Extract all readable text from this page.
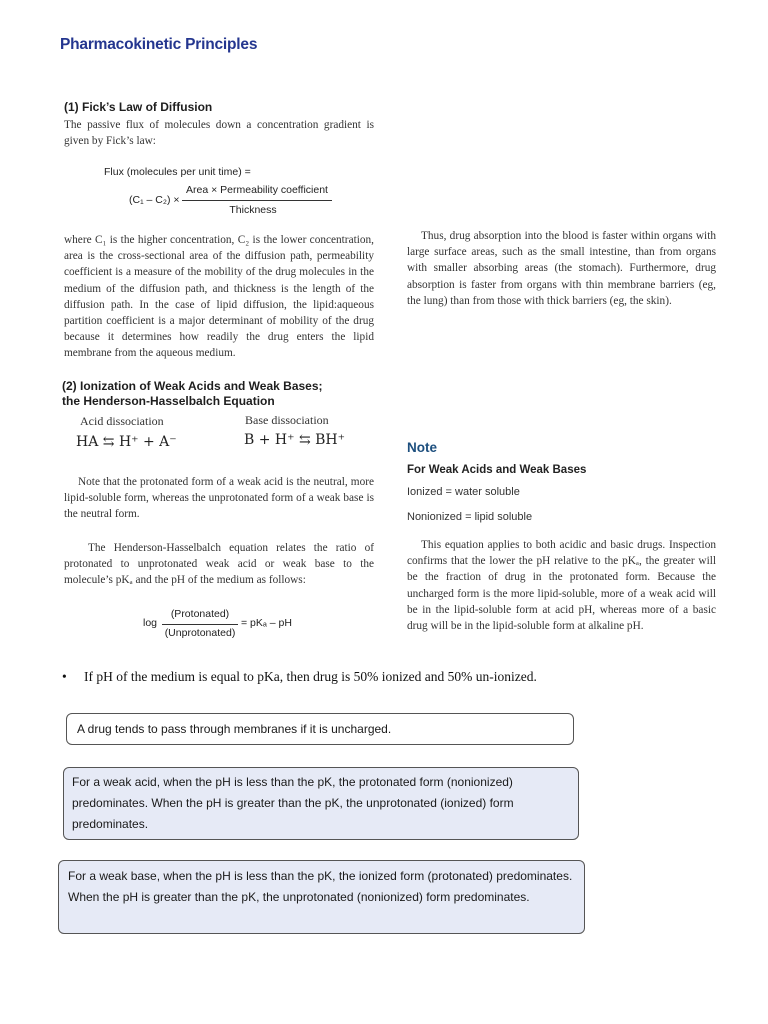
Pharmacokinetic Principles
(1) Fick’s Law of Diffusion
The passive flux of molecules down a concentration gradient is given by Fick’s law:
Flux (molecules per unit time) =
(C₁ – C₂) ×
Area × Permeability coefficient
Thickness
where C₁ is the higher concentration, C₂ is the lower concentration, area is the cross-sectional area of the diffusion path, permeability coefficient is a measure of the mobility of the drug molecules in the medium of the diffusion path, and thickness is the length of the diffusion path. In the case of lipid diffusion, the lipid:aqueous partition coefficient is a major determinant of mobility of the drug because it determines how readily the drug enters the lipid membrane from the aqueous medium.
(2) Ionization of Weak Acids and Weak Bases;
the Henderson-Hasselbalch Equation
Acid dissociation
HA ⇆ H⁺ + A⁻
Base dissociation
B + H⁺ ⇆ BH⁺
Note that the protonated form of a weak acid is the neutral, more lipid-soluble form, whereas the unprotonated form of a weak base is the neutral form.
The Henderson-Hasselbalch equation relates the ratio of protonated to unprotonated weak acid or weak base to the molecule’s pKₐ and the pH of the medium as follows:
log
(Protonated)
(Unprotonated)
= pKₐ – pH
Thus, drug absorption into the blood is faster within organs with large surface areas, such as the small intestine, than from organs with smaller absorbing areas (the stomach). Furthermore, drug absorption is faster from organs with thin membrane barriers (eg, the lung) than from those with thick barriers (eg, the skin).
Note
For Weak Acids and Weak Bases
Ionized = water soluble
Nonionized = lipid soluble
This equation applies to both acidic and basic drugs. Inspection confirms that the lower the pH relative to the pKₐ, the greater will be the fraction of drug in the protonated form. Because the uncharged form is the more lipid-soluble, more of a weak acid will be in the lipid-soluble form at acid pH, whereas more of a basic drug will be in the lipid-soluble form at alkaline pH.
• If pH of the medium is equal to pKa, then drug is 50% ionized and 50% un-ionized.
A drug tends to pass through membranes if it is uncharged.
For a weak acid, when the pH is less than the pK, the protonated form (nonionized) predominates. When the pH is greater than the pK, the unprotonated (ionized) form predominates.
For a weak base, when the pH is less than the pK, the ionized form (protonated) predominates. When the pH is greater than the pK, the unprotonated (nonionized) form predominates.
